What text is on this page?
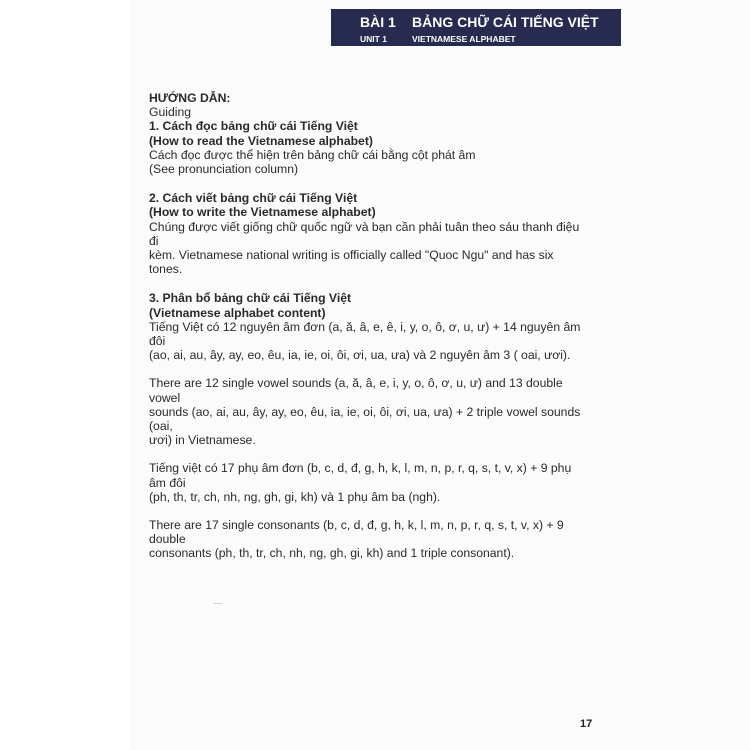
BÀI 1 BẢNG CHỮ CÁI TIẾNG VIỆT
UNIT 1	VIETNAMESE ALPHABET

HƯỚNG DẪN:

Guiding

1. Cách đọc bảng chữ cái Tiếng Việt

(How to read the Vietnamese alphabet)

Cách đọc được thể hiện trên bảng chữ cái bằng cột phát âm

(See pronunciation column)

2. Cách viết bảng chữ cái Tiếng Việt

(How to write the Vietnamese alphabet)

Chúng được viết giống chữ quốc ngữ và bạn cần phải tuân theo sáu thanh điệu đi

kèm. Vietnamese national writing is officially called "Quoc Ngu" and has six tones.

3. Phân bổ bảng chữ cái Tiếng Việt

(Vietnamese alphabet content)

Tiếng Việt có 12 nguyên âm đơn (a, ă, â, e, ê, i, y, o, ô, ơ, u, ư) + 14 nguyên âm đôi

(ao, ai, au, ây, ay, eo, êu, ia, ie, oi, ôi, ơi, ua, ưa) và 2 nguyên âm 3 ( oai, ươi).

There are 12 single vowel sounds (a, ă, â, e, i, y, o, ô, ơ, u, ư) and 13 double vowel

sounds (ao, ai, au, ây, ay, eo, êu, ia, ie, oi, ôi, ơi, ua, ưa) + 2 triple vowel sounds (oai,

ươi) in Vietnamese.

Tiếng việt có 17 phụ âm đơn (b, c, d, đ, g, h, k, l, m, n, p, r, q, s, t, v, x) + 9 phụ âm đôi

(ph, th, tr, ch, nh, ng, gh, gi, kh) và 1 phụ âm ba (ngh).

There are 17 single consonants (b, c, d, đ, g, h, k, l, m, n, p, r, q, s, t, v, x) + 9 double

consonants (ph, th, tr, ch, nh, ng, gh, gi, kh) and 1 triple consonant).

17
